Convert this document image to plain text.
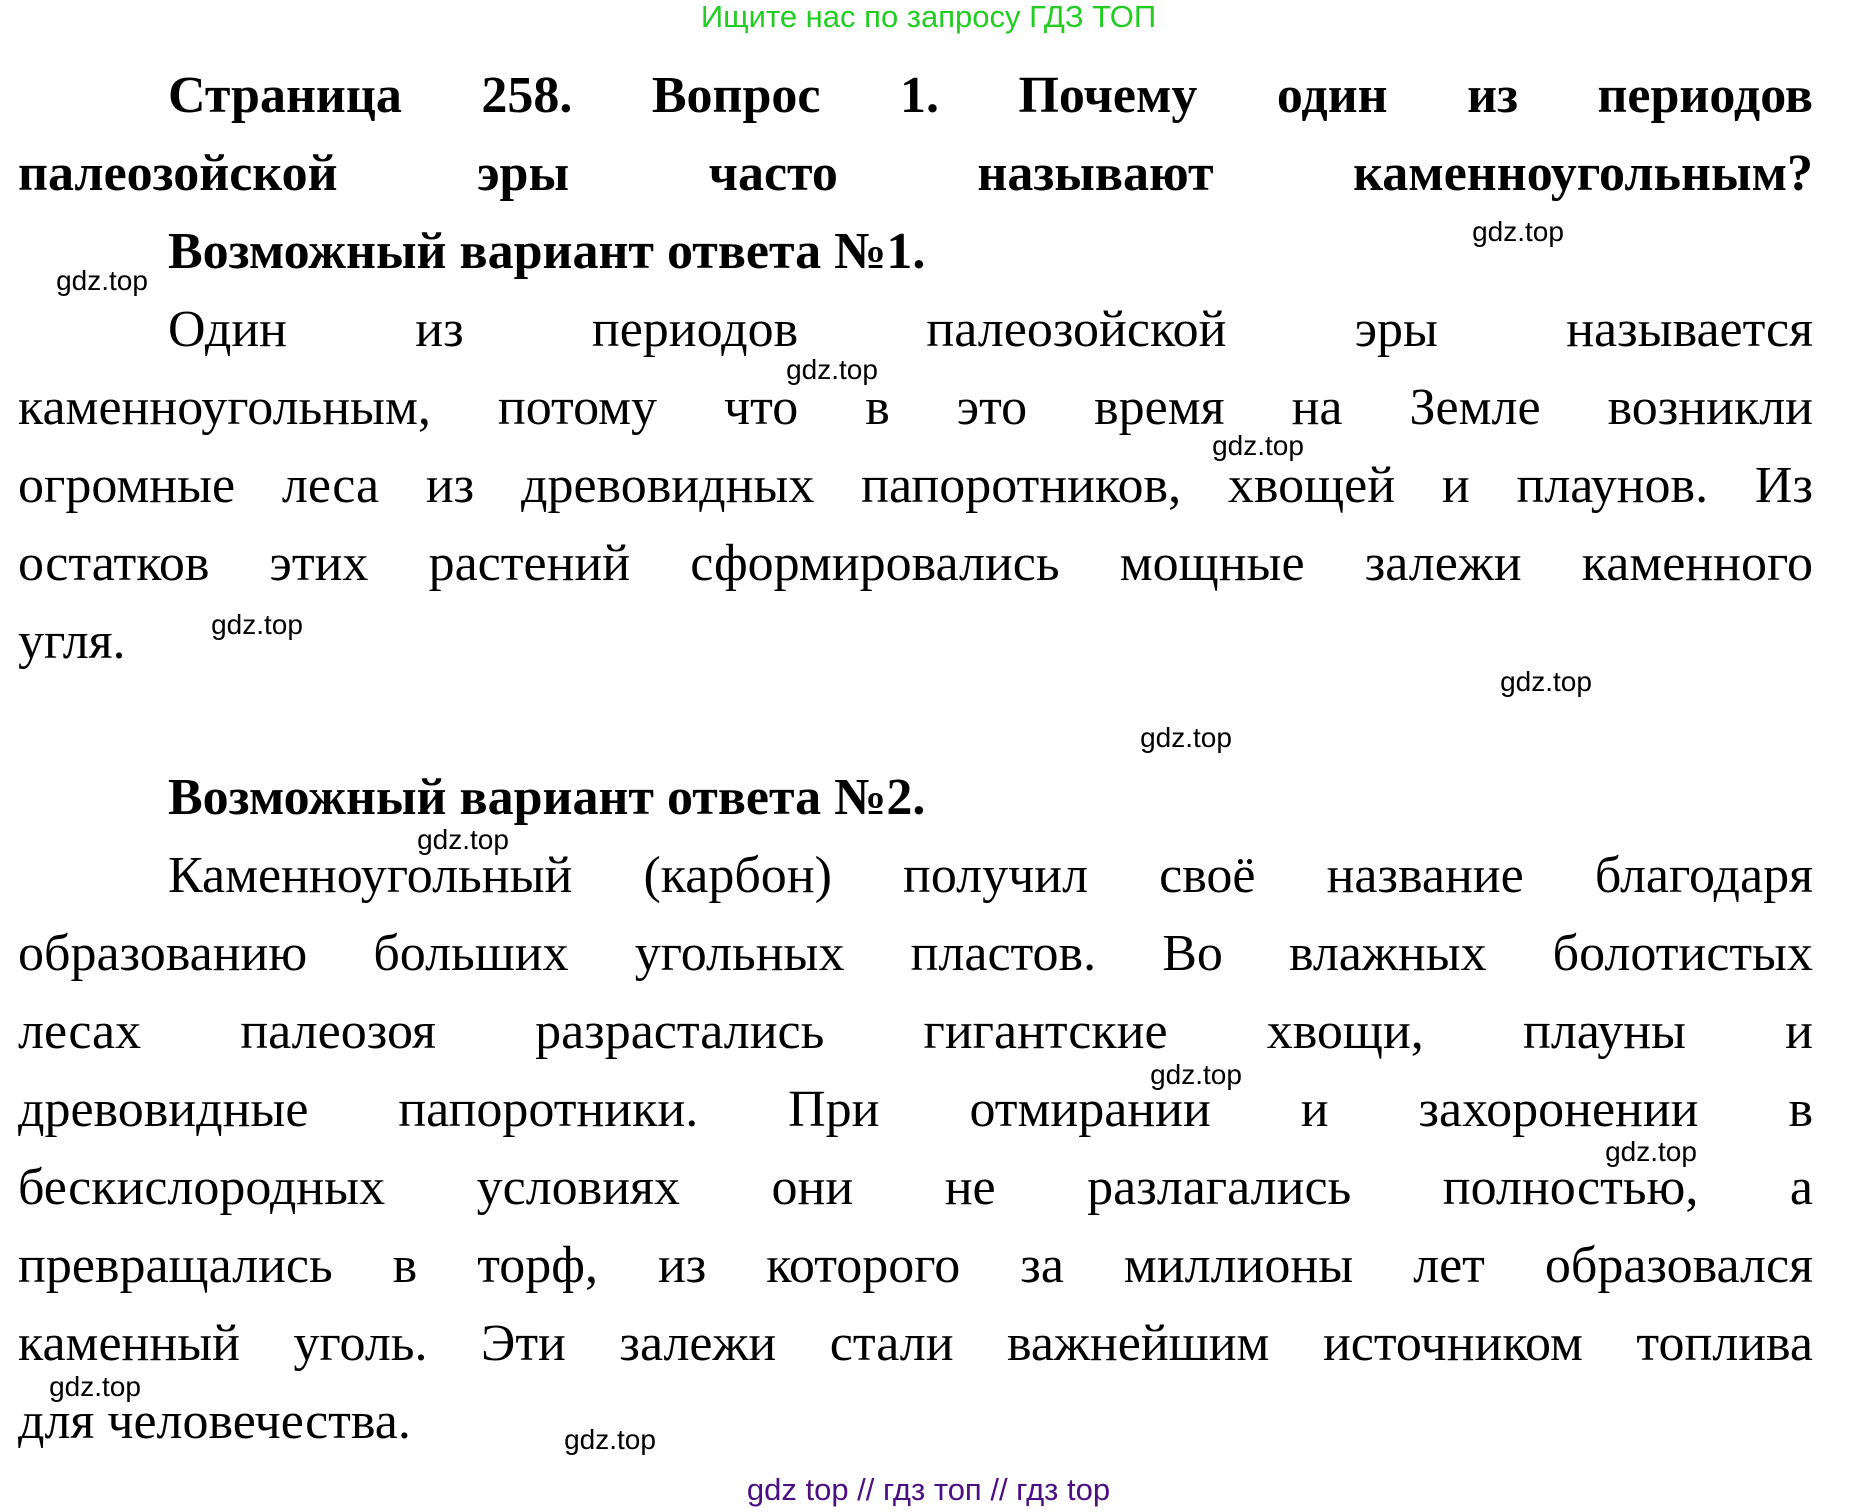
Ищите нас по запросу ГДЗ ТОП
Страница 258. Вопрос 1. Почему один из периодов
палеозойской эры часто называют каменноугольным?
Возможный вариант ответа №1.
Один из периодов палеозойской эры называется
каменноугольным, потому что в это время на Земле возникли
огромные леса из древовидных папоротников, хвощей и плаунов. Из
остатков этих растений сформировались мощные залежи каменного
угля.
Возможный вариант ответа №2.
Каменноугольный (карбон) получил своё название благодаря
образованию больших угольных пластов. Во влажных болотистых
лесах палеозоя разрастались гигантские хвощи, плауны и
древовидные папоротники. При отмирании и захоронении в
бескислородных условиях они не разлагались полностью, а
превращались в торф, из которого за миллионы лет образовался
каменный уголь. Эти залежи стали важнейшим источником топлива
для человечества.
gdz.top
gdz.top
gdz.top
gdz.top
gdz.top
gdz.top
gdz.top
gdz.top
gdz.top
gdz.top
gdz.top
gdz.top
gdz top // гдз топ // гдз top
